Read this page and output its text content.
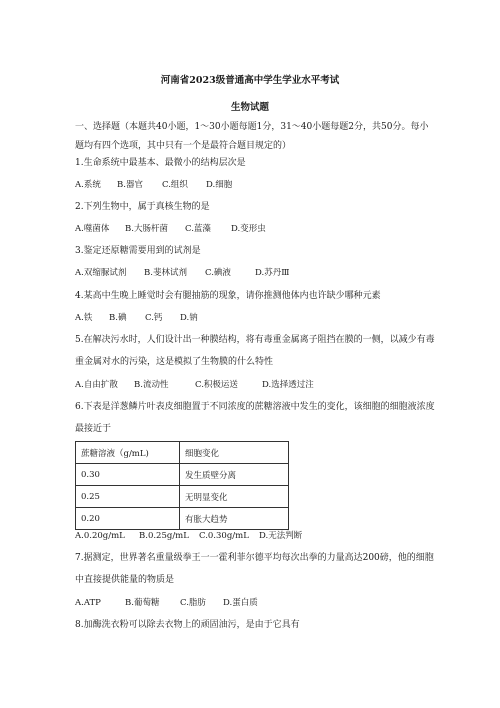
河南省2023级普通高中学生学业水平考试
生物试题
一、选择题（本题共40小题，1～30小题每题1分，31～40小题每题2分，共50分。每小
题均有四个选项，其中只有一个是最符合题目规定的）
1.生命系统中最基本、最微小的结构层次是
A.系统 B.器官 C.组织 D.细胞
2.下列生物中，属于真核生物的是
A.噬菌体 B.大肠杆菌 C.蓝藻 D.变形虫
3.鉴定还原糖需要用到的试剂是
A.双缩脲试剂 B.斐林试剂 C.碘液	D.苏丹Ⅲ
4.某高中生晚上睡觉时会有腿抽筋的现象，请你推测他体内也许缺少哪种元素
A.铁 B.碘 C.钙 D.钠
5.在解决污水时，人们设计出一种膜结构，将有毒重金属离子阻挡在膜的一侧，以减少有毒
重金属对水的污染，这是模拟了生物膜的什么特性
A.自由扩散 B.流动性	C.积极运送	D.选择透过注
6.下表是洋葱鳞片叶表皮细胞置于不同浓度的蔗糖溶液中发生的变化，该细胞的细胞液浓度
最接近于
蔗糖溶液（g/mL)	细胞变化
0.30	发生质壁分离
0.25	无明显变化
0.20	有胀大趋势
A.0.20g/mL B.0.25g/mL C.0.30g/mL D.无法判断
7.据测定，世界著名重量级拳王一一霍利菲尔德平均每次出拳的力量高达200磅，他的细胞
中直接提供能量的物质是
A.ATP	B.葡萄糖 C.脂肪 D.蛋白质
8.加酶洗衣粉可以除去衣物上的顽固油污，是由于它具有
